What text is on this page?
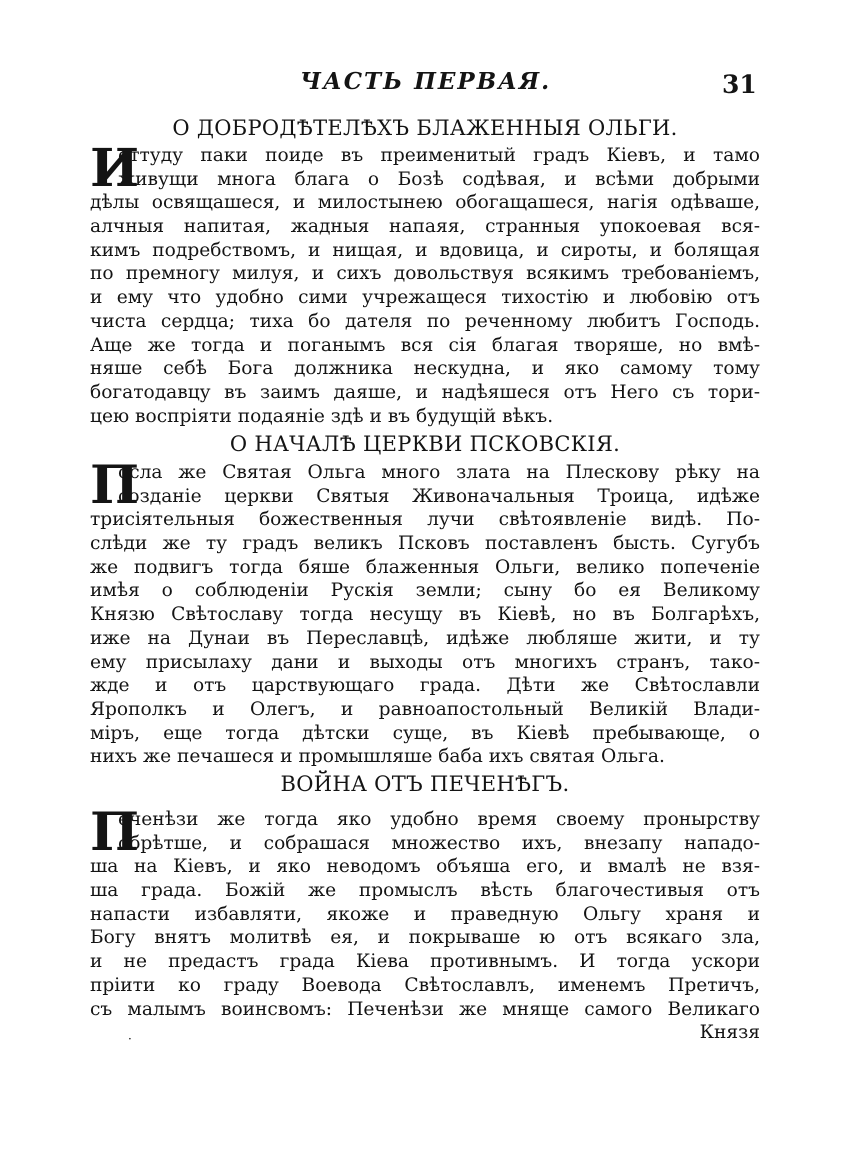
ЧАСТЬ ПЕРВАЯ.	31
О ДОБРОДѢТЕЛѢХЪ БЛАЖЕННЫЯ ОЛЬГИ.
И
оттуду паки поиде въ преименитый градъ Кіевъ, и тамо
живущи многа блага о Бозѣ содѣвая, и всѣми добрыми
дѣлы освящашеся, и милостынею обогащашеся, нагія одѣваше,
алчныя напитая, жадныя напаяя, странныя упокоевая вся-
кимъ подребствомъ, и нищая, и вдовица, и сироты, и болящая
по премногу милуя, и сихъ довольствуя всякимъ требованіемъ,
и ему что удобно сими учрежащеся тихостію и любовію отъ
чиста сердца; тиха бо дателя по реченному любитъ Господь.
Аще же тогда и поганымъ вся сія благая творяше, но вмѣ-
няше себѣ Бога должника нескудна, и яко самому тому
богатодавцу въ заимъ даяше, и надѣяшеся отъ Него съ тори-
цею воспріяти подаяніе здѣ и въ будущій вѣкъ.
О НАЧАЛѢ ЦЕРКВИ ПСКОВСКІЯ.
П
осла же Святая Ольга много злата на Плескову рѣку на
созданіе церкви Святыя Живоначальныя Троица, идѣже
трисіятельныя божественныя лучи свѣтоявленіе видѣ. По-
слѣди же ту градъ великъ Псковъ поставленъ бысть. Сугубъ
же подвигъ тогда бяше блаженныя Ольги, велико попеченіе
имѣя о соблюденіи Рускія земли; сыну бо ея Великому
Князю Свѣтославу тогда несущу въ Кіевѣ, но въ Болгарѣхъ,
иже на Дунаи въ Переславцѣ, идѣже любляше жити, и ту
ему присылаху дани и выходы отъ многихъ странъ, тако-
жде и отъ царствующаго града. Дѣти же Свѣтославли
Ярополкъ и Олегъ, и равноапостольный Великій Влади-
міръ, еще тогда дѣтски суще, въ Кіевѣ пребывающе, о
нихъ же печашеся и промышляше баба ихъ святая Ольга.
ВОЙНА ОТЪ ПЕЧЕНѢГЪ.
П
еченѣзи же тогда яко удобно время своему пронырству
обрѣтше, и собрашася множество ихъ, внезапу нападо-
ша на Кіевъ, и яко неводомъ объяша его, и вмалѣ не взя-
ша града. Божій же промыслъ вѣсть благочестивыя отъ
напасти избавляти, якоже и праведную Ольгу храня и
Богу внятъ молитвѣ ея, и покрываше ю отъ всякаго зла,
и не предастъ града Кіева противнымъ. И тогда ускори
пріити ко граду Воевода Свѣтославлъ, именемъ Претичъ,
съ малымъ воинсвомъ: Печенѣзи же мняще самого Великаго
Князя
·
